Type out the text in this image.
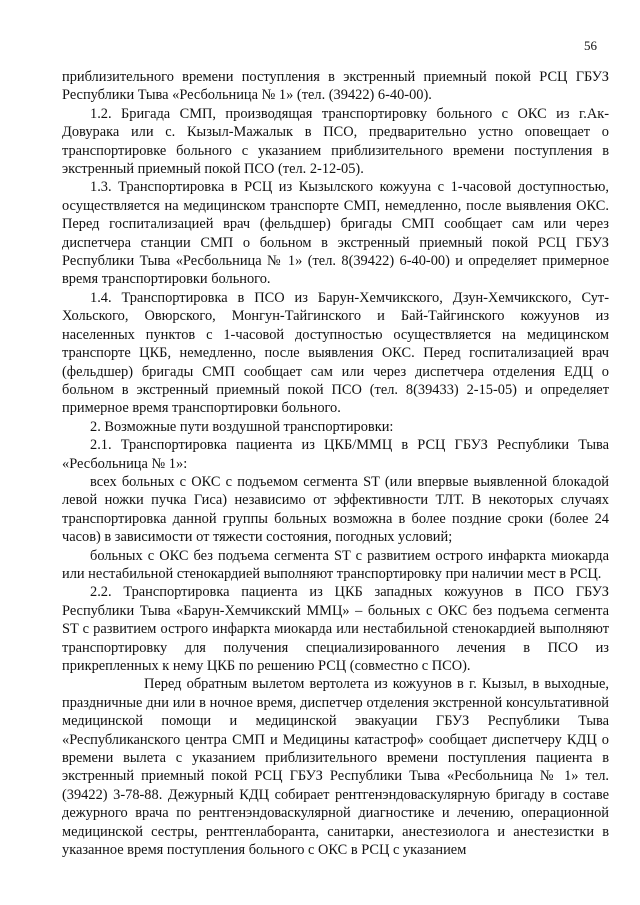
56

приблизительного времени поступления в экстренный приемный покой РСЦ ГБУЗ Республики Тыва «Ресбольница № 1» (тел. (39422) 6-40-00).

1.2. Бригада СМП, производящая транспортировку больного с ОКС из г.Ак-Довурака или с. Кызыл-Мажалык в ПСО, предварительно устно оповещает о транспортировке больного с указанием приблизительного времени поступления в экстренный приемный покой ПСО (тел. 2-12-05).

1.3. Транспортировка в РСЦ из Кызылского кожууна с 1-часовой доступностью, осуществляется на медицинском транспорте СМП, немедленно, после выявления ОКС. Перед госпитализацией врач (фельдшер) бригады СМП сообщает сам или через диспетчера станции СМП о больном в экстренный приемный покой РСЦ ГБУЗ Республики Тыва «Ресбольница № 1» (тел. 8(39422) 6-40-00) и определяет примерное время транспортировки больного.

1.4. Транспортировка в ПСО из Барун-Хемчикского, Дзун-Хемчикского, Сут-Хольского, Овюрского, Монгун-Тайгинского и Бай-Тайгинского кожуунов из населенных пунктов с 1-часовой доступностью осуществляется на медицинском транспорте ЦКБ, немедленно, после выявления ОКС. Перед госпитализацией врач (фельдшер) бригады СМП сообщает сам или через диспетчера отделения ЕДЦ о больном в экстренный приемный покой ПСО (тел. 8(39433) 2-15-05) и определяет примерное время транспортировки больного.

2. Возможные пути воздушной транспортировки:

2.1. Транспортировка пациента из ЦКБ/ММЦ в РСЦ ГБУЗ Республики Тыва «Ресбольница № 1»:

всех больных с ОКС с подъемом сегмента ST (или впервые выявленной блокадой левой ножки пучка Гиса) независимо от эффективности ТЛТ. В некоторых случаях транспортировка данной группы больных возможна в более поздние сроки (более 24 часов) в зависимости от тяжести состояния, погодных условий;

больных с ОКС без подъема сегмента ST с развитием острого инфаркта миокарда или нестабильной стенокардией выполняют транспортировку при наличии мест в РСЦ.

2.2. Транспортировка пациента из ЦКБ западных кожуунов в ПСО ГБУЗ Республики Тыва «Барун-Хемчикский ММЦ» – больных с ОКС без подъема сегмента ST с развитием острого инфаркта миокарда или нестабильной стенокардией выполняют транспортировку для получения специализированного лечения в ПСО из прикрепленных к нему ЦКБ по решению РСЦ (совместно с ПСО).

Перед обратным вылетом вертолета из кожуунов в г. Кызыл, в выходные, праздничные дни или в ночное время, диспетчер отделения экстренной консультативной медицинской помощи и медицинской эвакуации ГБУЗ Республики Тыва «Республиканского центра СМП и Медицины катастроф» сообщает диспетчеру КДЦ о времени вылета с указанием приблизительного времени поступления пациента в экстренный приемный покой РСЦ ГБУЗ Республики Тыва «Ресбольница № 1» тел. (39422) 3-78-88. Дежурный КДЦ собирает рентгенэндоваскулярную бригаду в составе дежурного врача по рентгенэндоваскулярной диагностике и лечению, операционной медицинской сестры, рентгенлаборанта, санитарки, анестезиолога и анестезистки в указанное время поступления больного с ОКС в РСЦ с указанием
